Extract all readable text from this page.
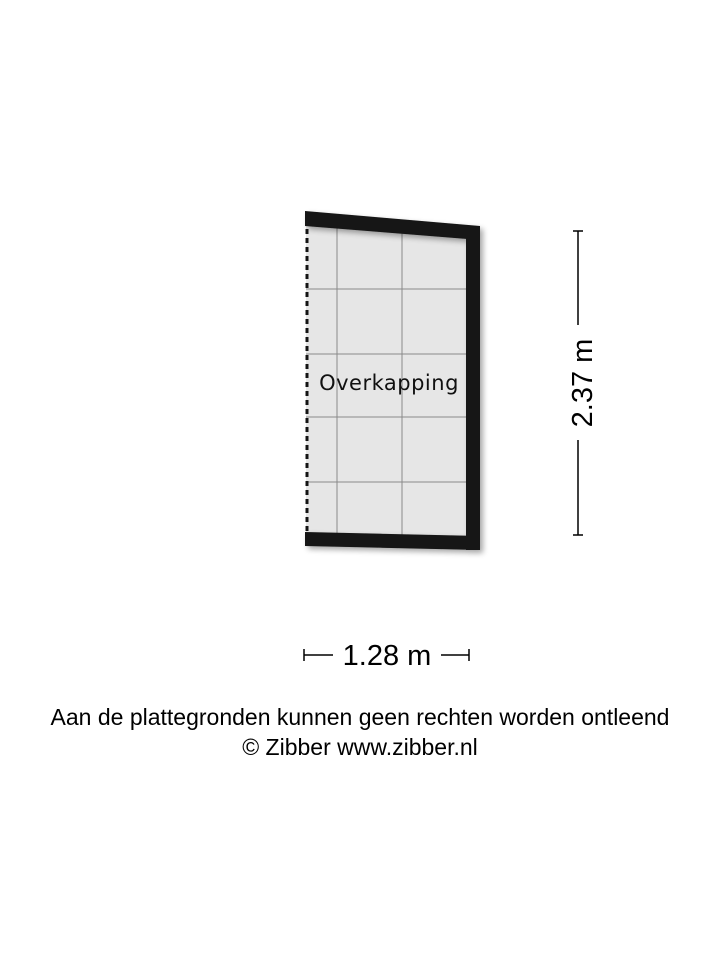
Overkapping	2.37 m
1.28 m
Aan de plattegronden kunnen geen rechten worden ontleend
© Zibber www.zibber.nl
